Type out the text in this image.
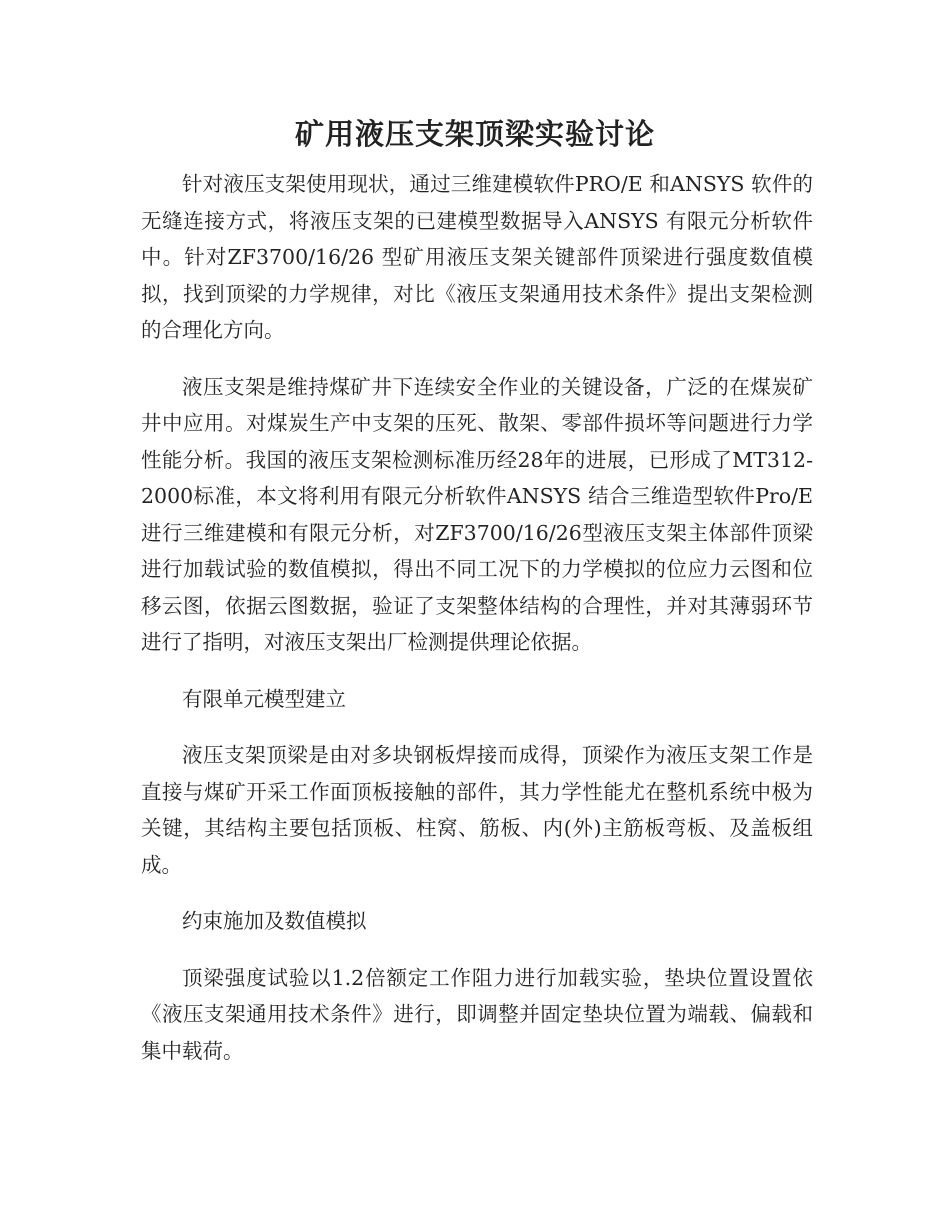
矿用液压支架顶梁实验讨论

针对液压支架使用现状，通过三维建模软件PRO/E 和ANSYS 软件的无缝连接方式，将液压支架的已建模型数据导入ANSYS 有限元分析软件中。针对ZF3700/16/26 型矿用液压支架关键部件顶梁进行强度数值模拟，找到顶梁的力学规律，对比《液压支架通用技术条件》提出支架检测的合理化方向。

液压支架是维持煤矿井下连续安全作业的关键设备，广泛的在煤炭矿井中应用。对煤炭生产中支架的压死、散架、零部件损坏等问题进行力学性能分析。我国的液压支架检测标准历经28年的进展，已形成了MT312-2000标准，本文将利用有限元分析软件ANSYS 结合三维造型软件Pro/E 进行三维建模和有限元分析，对ZF3700/16/26型液压支架主体部件顶梁进行加载试验的数值模拟，得出不同工况下的力学模拟的位应力云图和位移云图，依据云图数据，验证了支架整体结构的合理性，并对其薄弱环节进行了指明，对液压支架出厂检测提供理论依据。

有限单元模型建立

液压支架顶梁是由对多块钢板焊接而成得，顶梁作为液压支架工作是直接与煤矿开采工作面顶板接触的部件，其力学性能尤在整机系统中极为关键，其结构主要包括顶板、柱窝、筋板、内(外)主筋板弯板、及盖板组成。

约束施加及数值模拟

顶梁强度试验以1.2倍额定工作阻力进行加载实验，垫块位置设置依《液压支架通用技术条件》进行，即调整并固定垫块位置为端载、偏载和集中载荷。
